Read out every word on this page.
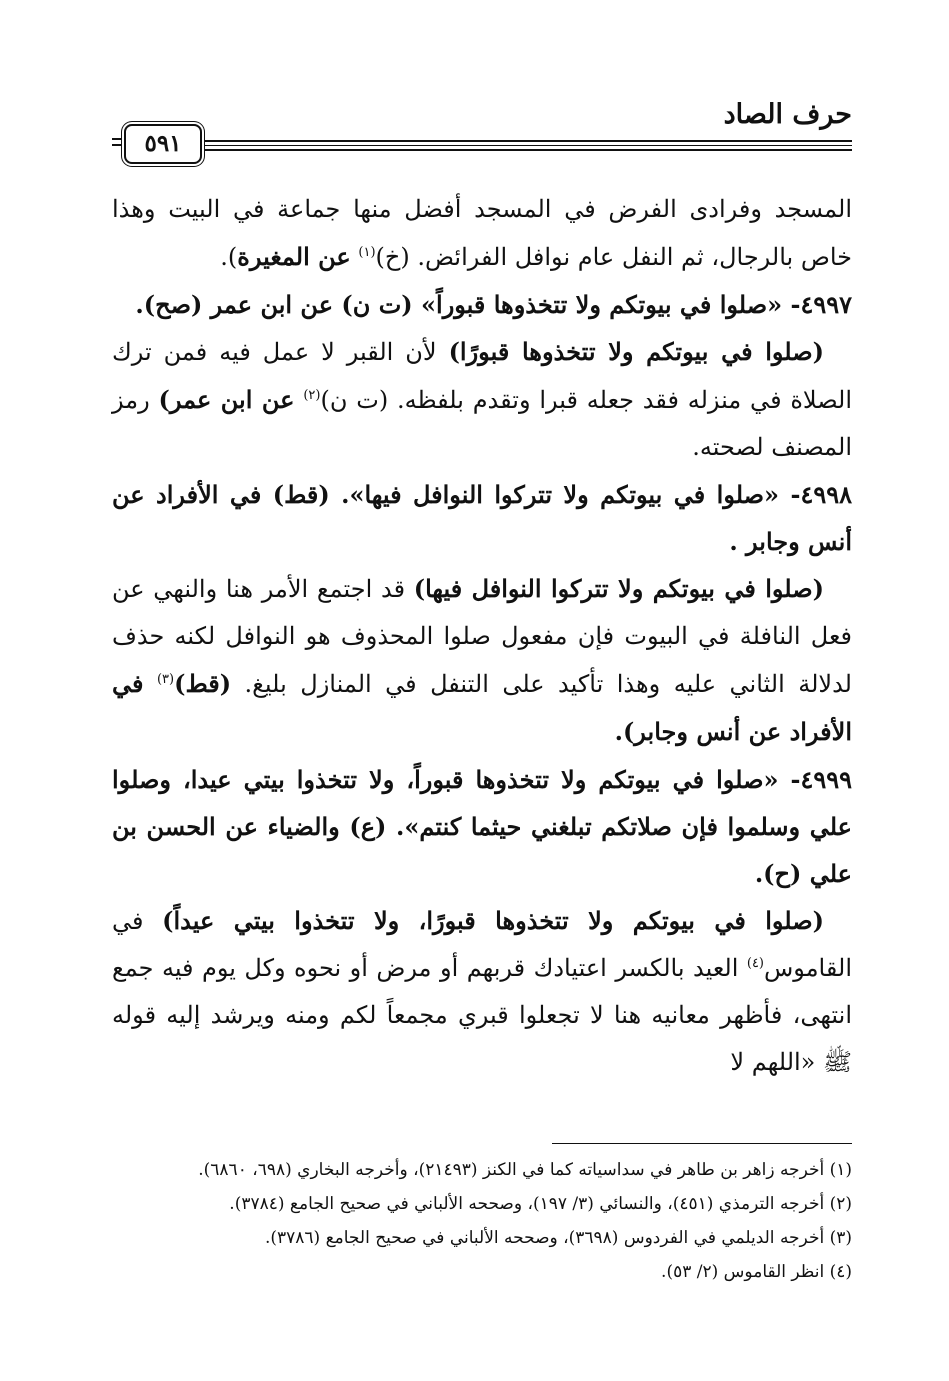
حرف الصاد
٥٩١

المسجد وفرادى الفرض في المسجد أفضل منها جماعة في البيت وهذا خاص بالرجال، ثم النفل عام نوافل الفرائض. (خ)$^{(١)}$ عن المغيرة).

٤٩٩٧- «صلوا في بيوتكم ولا تتخذوها قبوراً» (ت ن) عن ابن عمر (صح).

(صلوا في بيوتكم ولا تتخذوها قبورًا) لأن القبر لا عمل فيه فمن ترك الصلاة في منزله فقد جعله قبرا وتقدم بلفظه. (ت ن)$^{(٢)}$ عن ابن عمر) رمز المصنف لصحته.

٤٩٩٨- «صلوا في بيوتكم ولا تتركوا النوافل فيها». (قط) في الأفراد عن أنس وجابر .

(صلوا في بيوتكم ولا تتركوا النوافل فيها) قد اجتمع الأمر هنا والنهي عن فعل النافلة في البيوت فإن مفعول صلوا المحذوف هو النوافل لكنه حذف لدلالة الثاني عليه وهذا تأكيد على التنفل في المنازل بليغ. (قط)$^{(٣)}$ في الأفراد عن أنس وجابر).

٤٩٩٩- «صلوا في بيوتكم ولا تتخذوها قبوراً، ولا تتخذوا بيتي عيدا، وصلوا علي وسلموا فإن صلاتكم تبلغني حيثما كنتم». (ع) والضياء عن الحسن بن علي (ح).

(صلوا في بيوتكم ولا تتخذوها قبورًا، ولا تتخذوا بيتي عيداً) في القاموس$^{(٤)}$ العيد بالكسر اعتيادك قربهم أو مرض أو نحوه وكل يوم فيه جمع انتهى، فأظهر معانيه هنا لا تجعلوا قبري مجمعاً لكم ومنه ويرشد إليه قوله ﷺ «اللهم لا

(١) أخرجه زاهر بن طاهر في سداسياته كما في الكنز (٢١٤٩٣)، وأخرجه البخاري (٦٩٨، ٦٨٦٠).
(٢) أخرجه الترمذي (٤٥١)، والنسائي (٣/ ١٩٧)، وصححه الألباني في صحيح الجامع (٣٧٨٤).
(٣) أخرجه الديلمي في الفردوس (٣٦٩٨)، وصححه الألباني في صحيح الجامع (٣٧٨٦).
(٤) انظر القاموس (٢/ ٥٣).
